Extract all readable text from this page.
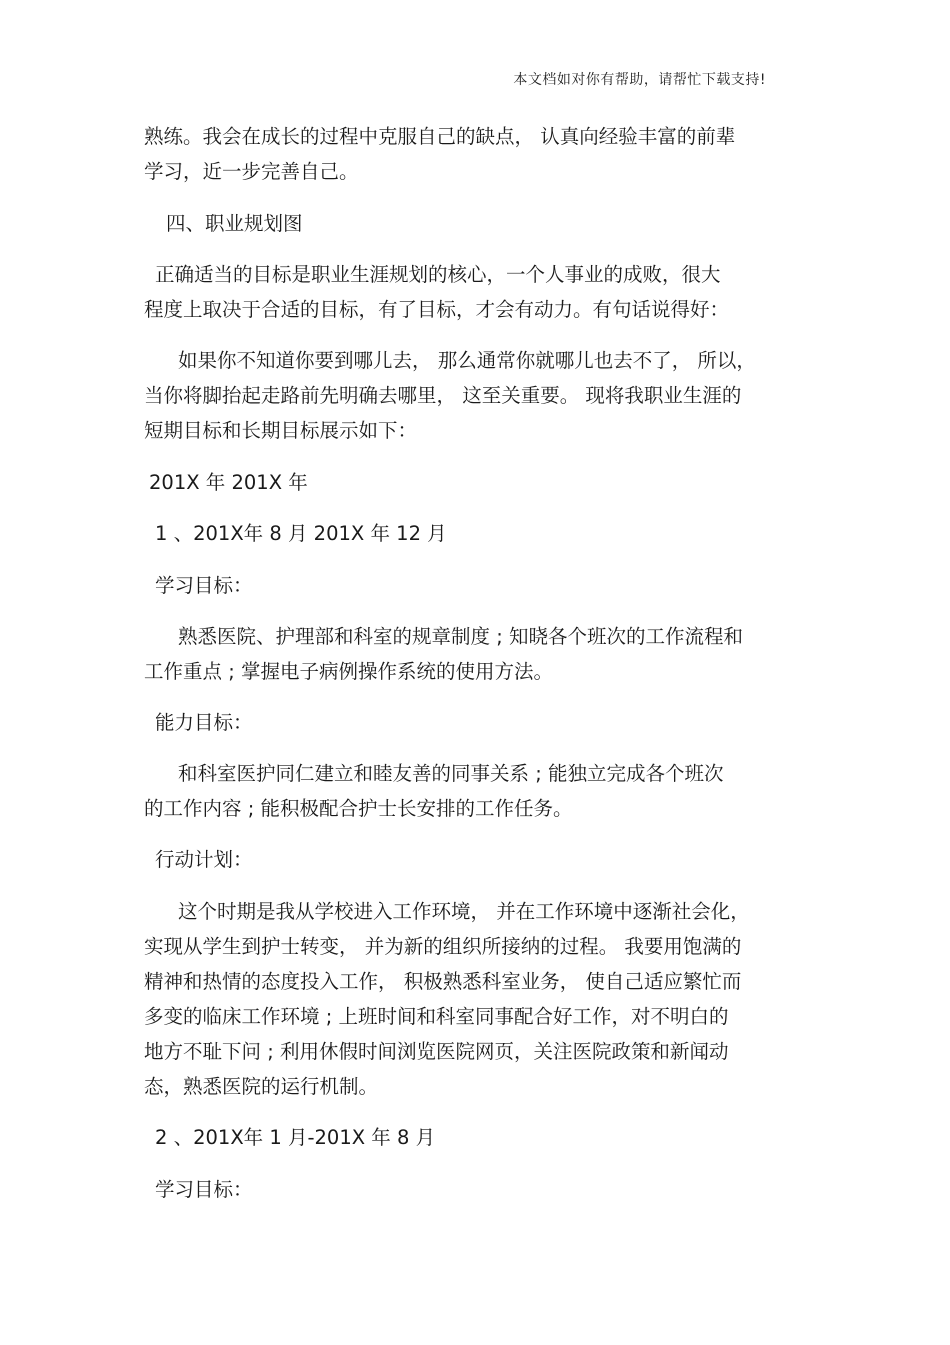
本文档如对你有帮助，请帮忙下载支持!
熟练。我会在成长的过程中克服自己的缺点， 认真向经验丰富的前辈
学习，近一步完善自己。
四、职业规划图
正确适当的目标是职业生涯规划的核心，一个人事业的成败，很大
程度上取决于合适的目标，有了目标，才会有动力。有句话说得好：
如果你不知道你要到哪儿去， 那么通常你就哪儿也去不了， 所以，
当你将脚抬起走路前先明确去哪里， 这至关重要。 现将我职业生涯的
短期目标和长期目标展示如下：
201X 年 201X 年
1 、201X年 8 月 201X 年 12 月
学习目标：
熟悉医院、护理部和科室的规章制度 ; 知晓各个班次的工作流程和
工作重点 ; 掌握电子病例操作系统的使用方法。
能力目标：
和科室医护同仁建立和睦友善的同事关系 ; 能独立完成各个班次
的工作内容 ; 能积极配合护士长安排的工作任务。
行动计划：
这个时期是我从学校进入工作环境， 并在工作环境中逐渐社会化，
实现从学生到护士转变， 并为新的组织所接纳的过程。 我要用饱满的
精神和热情的态度投入工作， 积极熟悉科室业务， 使自己适应繁忙而
多变的临床工作环境 ; 上班时间和科室同事配合好工作，对不明白的
地方不耻下问 ; 利用休假时间浏览医院网页，关注医院政策和新闻动
态，熟悉医院的运行机制。
2 、201X年 1 月-201X 年 8 月
学习目标：
